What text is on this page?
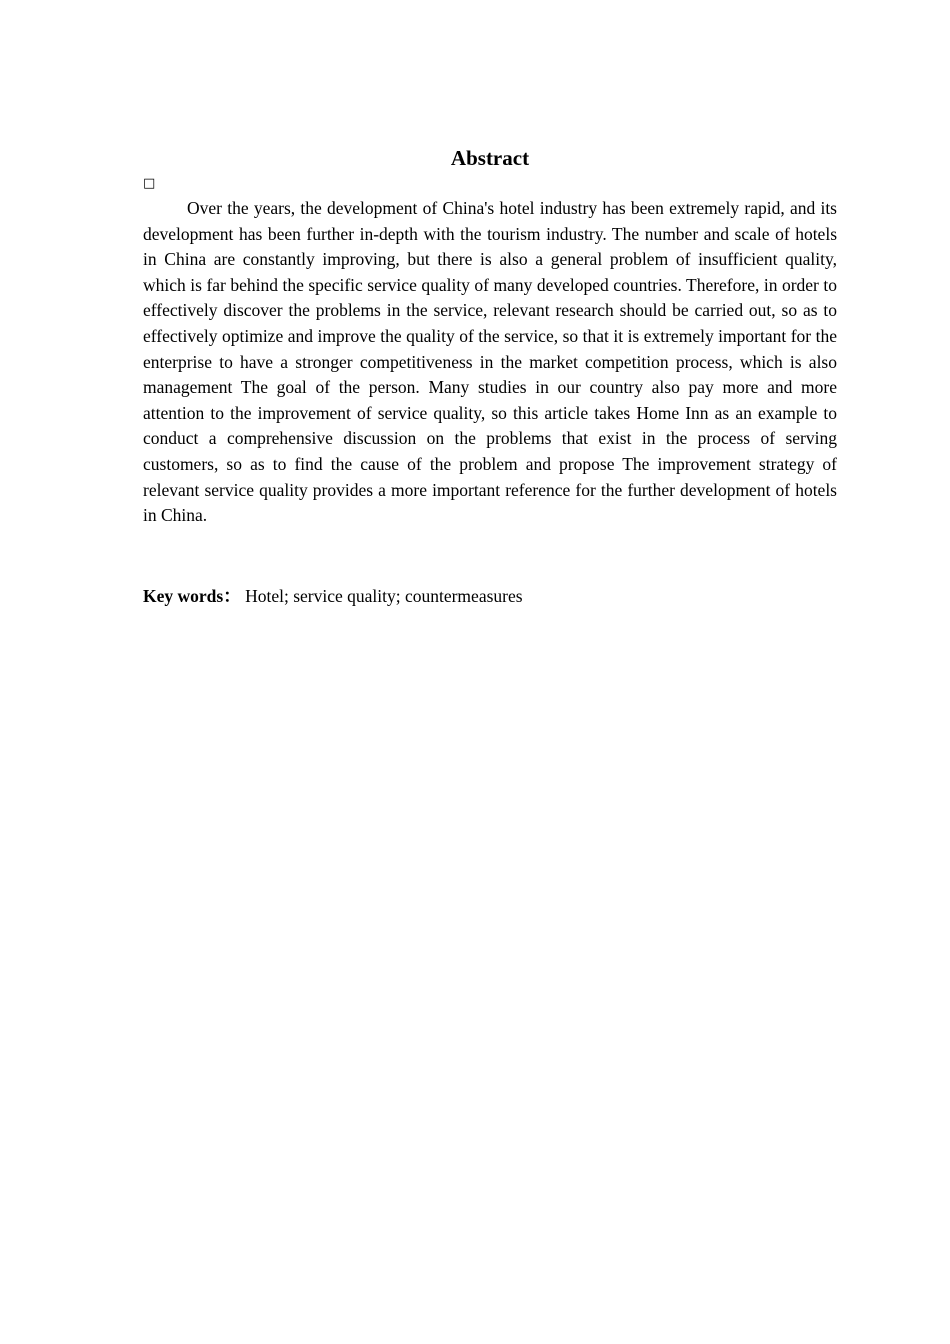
Abstract
□

Over the years, the development of China's hotel industry has been extremely rapid, and its development has been further in-depth with the tourism industry. The number and scale of hotels in China are constantly improving, but there is also a general problem of insufficient quality, which is far behind the specific service quality of many developed countries. Therefore, in order to effectively discover the problems in the service, relevant research should be carried out, so as to effectively optimize and improve the quality of the service, so that it is extremely important for the enterprise to have a stronger competitiveness in the market competition process, which is also management The goal of the person. Many studies in our country also pay more and more attention to the improvement of service quality, so this article takes Home Inn as an example to conduct a comprehensive discussion on the problems that exist in the process of serving customers, so as to find the cause of the problem and propose The improvement strategy of relevant service quality provides a more important reference for the further development of hotels in China.

Key words： Hotel; service quality; countermeasures
